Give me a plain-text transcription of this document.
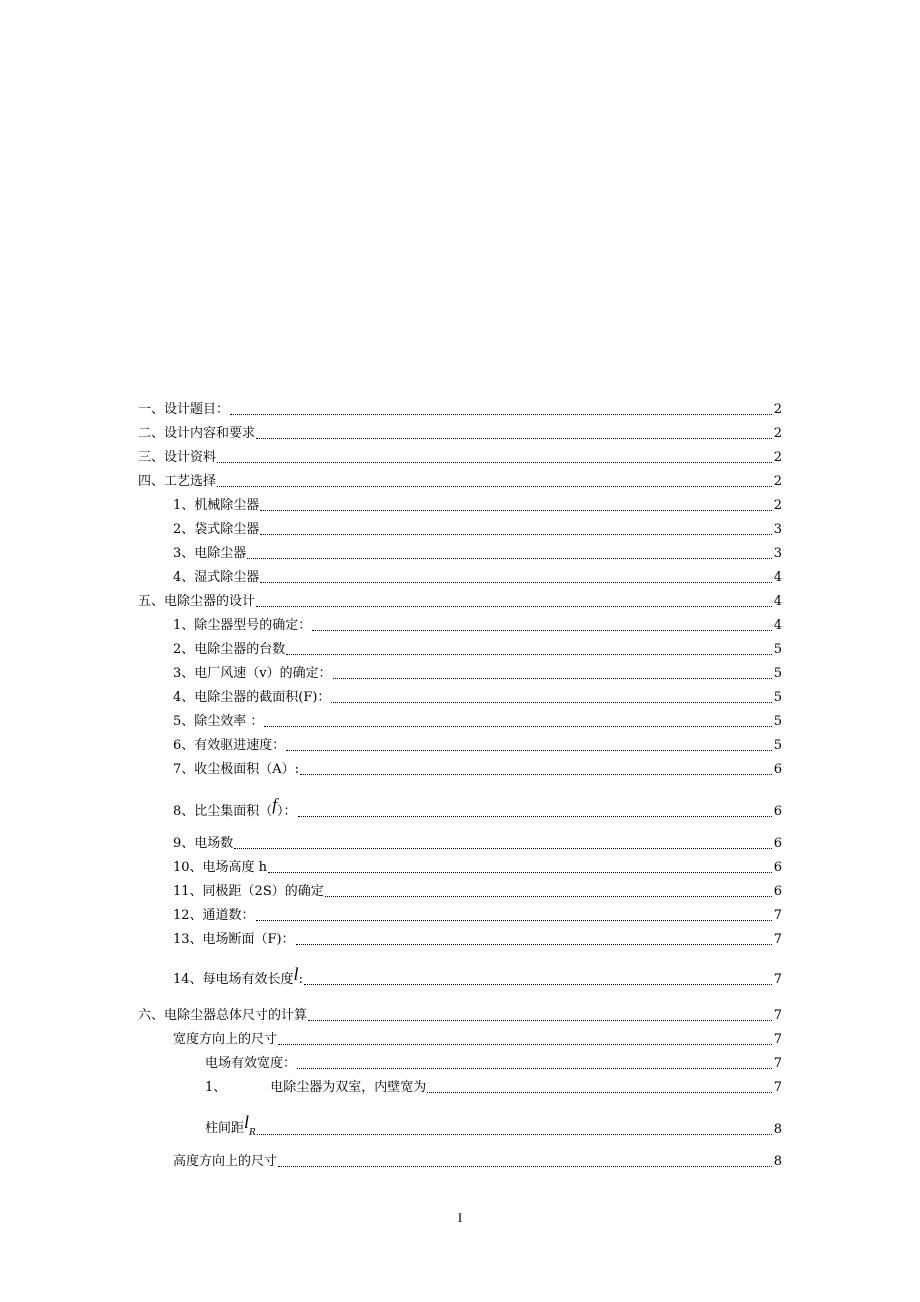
一、设计题目：	2
二、设计内容和要求	2
三、设计资料	2
四、工艺选择	2
1、机械除尘器	2
2、袋式除尘器	3
3、电除尘器	3
4、湿式除尘器	4
五、电除尘器的设计	4
1、除尘器型号的确定：	4
2、电除尘器的台数	5
3、电厂风速（v）的确定：	5
4、电除尘器的截面积(F)：	5
5、除尘效率 ：	5
6、有效驱进速度：	5
7、收尘极面积（A）:	6
8、比尘集面积（f）：	6
9、电场数	6
10、电场高度 h	6
11、同极距（2S）的确定	6
12、通道数：	7
13、电场断面（F)：	7
14、每电场有效长度l:	7
六、电除尘器总体尺寸的计算	7
宽度方向上的尺寸	7
电场有效宽度：	7
1、	电除尘器为双室，内壁宽为	7
柱间距$l_R$	8
高度方向上的尺寸	8
I
